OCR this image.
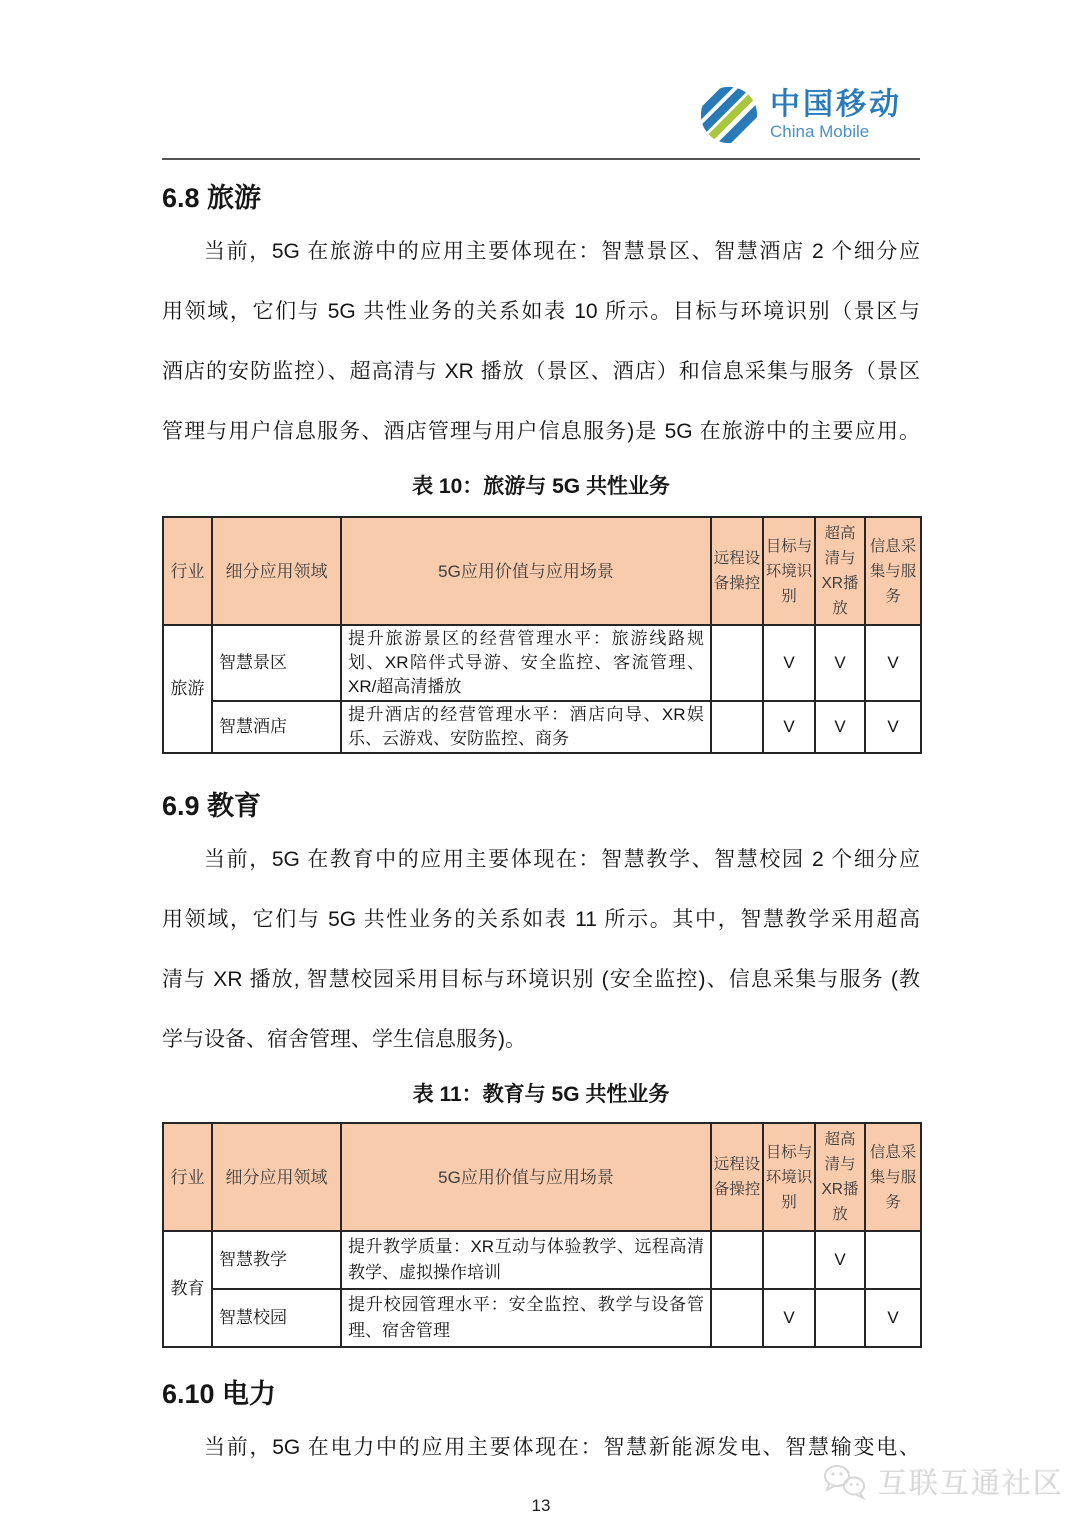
中国移动
China Mobile
6.8 旅游
当前，5G 在旅游中的应用主要体现在：智慧景区、智慧酒店 2 个细分应
用领域，它们与 5G 共性业务的关系如表 10 所示。目标与环境识别（景区与
酒店的安防监控）、超高清与 XR 播放（景区、酒店）和信息采集与服务（景区
管理与用户信息服务、酒店管理与用户信息服务)是 5G 在旅游中的主要应用。
表 10：旅游与 5G 共性业务
行业	细分应用领域	5G应用价值与应用场景	远程设备操控	目标与环境识别	超高清与XR播放	信息采集与服务
旅游	智慧景区	提升旅游景区的经营管理水平：旅游线路规划、XR陪伴式导游、安全监控、客流管理、XR/超高清播放		V	V	V
	智慧酒店	提升酒店的经营管理水平：酒店向导、XR娱乐、云游戏、安防监控、商务		V	V	V
6.9 教育
当前，5G 在教育中的应用主要体现在：智慧教学、智慧校园 2 个细分应
用领域，它们与 5G 共性业务的关系如表 11 所示。其中，智慧教学采用超高
清与 XR 播放, 智慧校园采用目标与环境识别 (安全监控)、信息采集与服务 (教
学与设备、宿舍管理、学生信息服务)。
表 11：教育与 5G 共性业务
行业	细分应用领域	5G应用价值与应用场景	远程设备操控	目标与环境识别	超高清与XR播放	信息采集与服务
教育	智慧教学	提升教学质量：XR互动与体验教学、远程高清教学、虚拟操作培训			V	
	智慧校园	提升校园管理水平：安全监控、教学与设备管理、宿舍管理		V		V
6.10 电力
当前，5G 在电力中的应用主要体现在：智慧新能源发电、智慧输变电、
13
互联互通社区
